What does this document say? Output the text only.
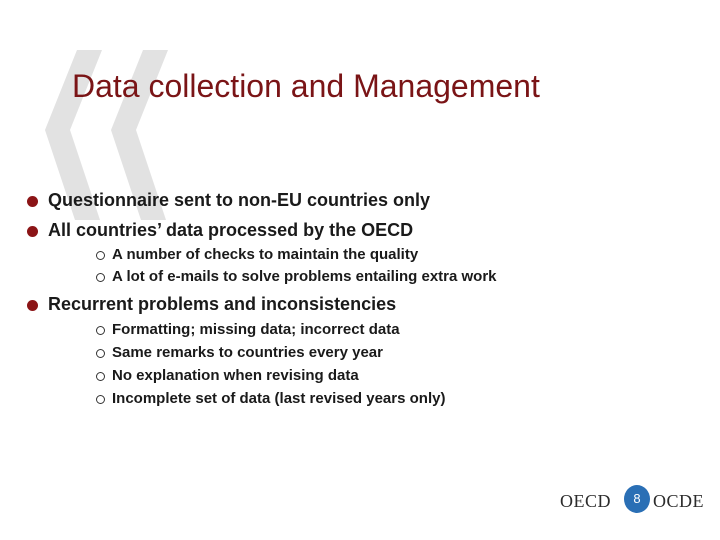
Data collection and Management
Questionnaire sent to non-EU countries only
All countries’ data processed by the OECD
A number of checks to maintain the quality
A lot of e-mails to solve problems entailing extra work
Recurrent problems and inconsistencies
Formatting; missing data; incorrect data
Same remarks to countries every year
No explanation when revising data
Incomplete set of data (last revised years only)
OECD	8 OCDE
